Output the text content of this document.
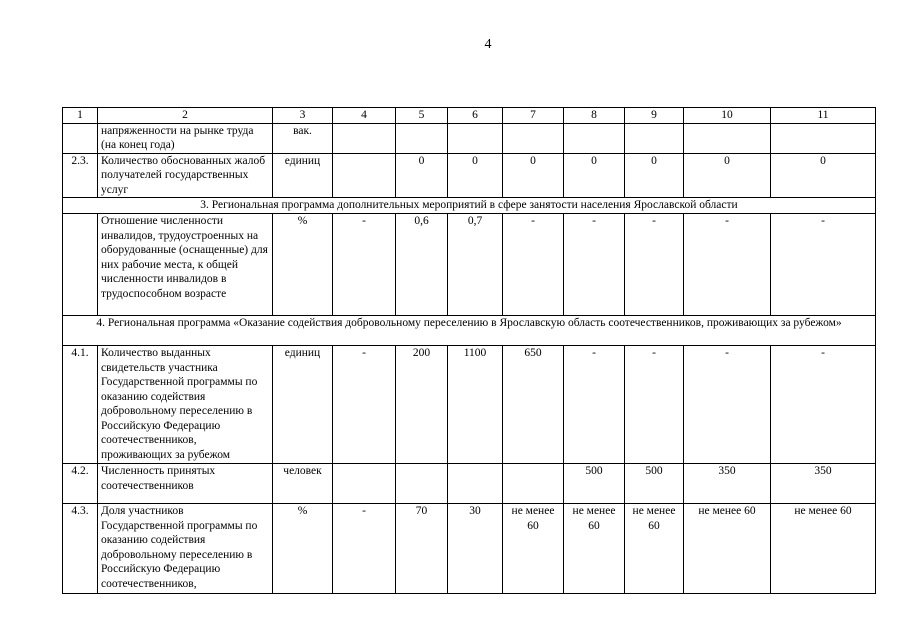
4
1	2	3	4	5	6	7	8	9	10	11
	напряженности на рынке труда (на конец года)	вак.								
2.3.	Количество обоснованных жалоб получателей государственных услуг	единиц		0	0	0	0	0	0	0
3. Региональная программа дополнительных мероприятий в сфере занятости населения Ярославской области										
	Отношение численности инвалидов, трудоустроенных на оборудованные (оснащенные) для них рабочие места, к общей численности инвалидов в трудоспособном возрасте	%	-	0,6	0,7	-	-	-	-	-
4. Региональная программа «Оказание содействия добровольному переселению в Ярославскую область соотечественников, проживающих за рубежом»										
4.1.	Количество выданных свидетельств участника Государственной программы по оказанию содействия добровольному переселению в Российскую Федерацию соотечественников, проживающих за рубежом	единиц	-	200	1100	650	-	-	-	-
4.2.	Численность принятых соотечественников	человек					500	500	350	350
4.3.	Доля участников Государственной программы по оказанию содействия добровольному переселению в Российскую Федерацию соотечественников,	%	-	70	30	не менее 60	не менее 60	не менее 60	не менее 60	не менее 60
